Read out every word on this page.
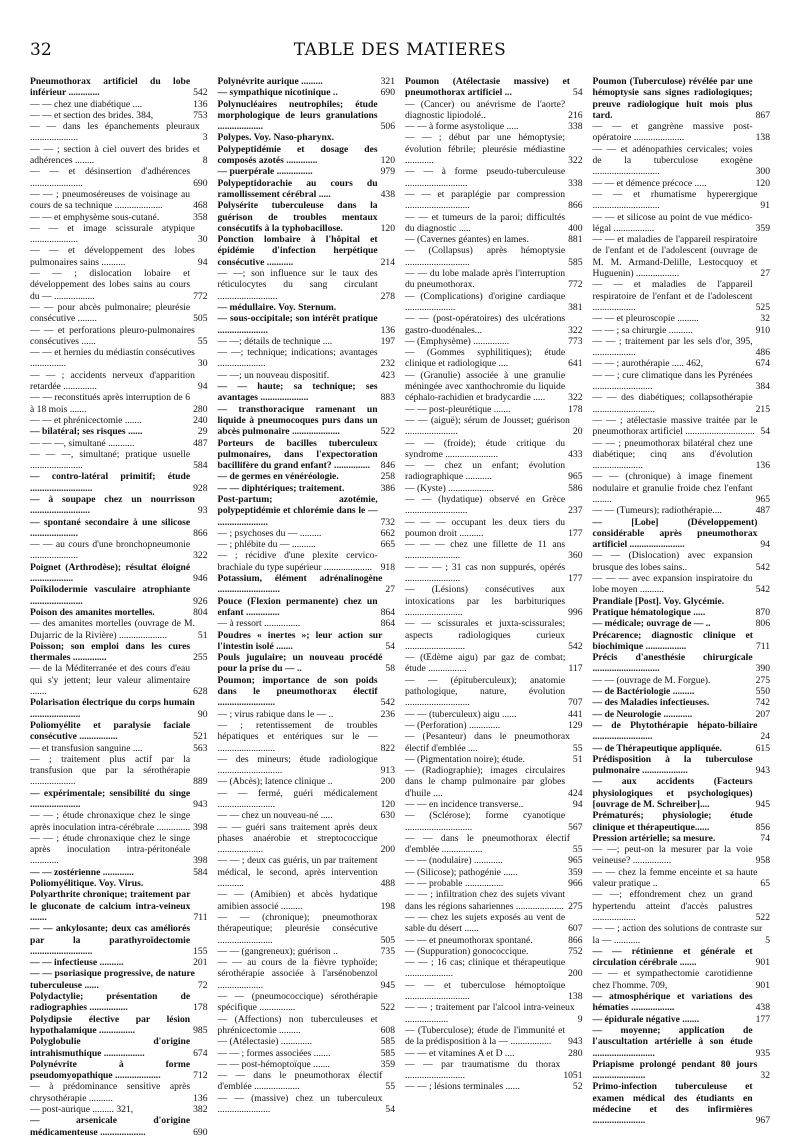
32	TABLE DES MATIERES
Pneumothorax artificiel du lobe inférieur .............	542
— — chez une diabétique ....	136
— — et section des brides. 384,	753
— — dans les épanchements pleuraux ....................	3
— — ; section à ciel ouvert des brides et adhérences ........	8
— — et désinsertion d'adhérences ......................	690
— — ; pneumoséreuses de voisinage au cours de sa technique ....................	468
— — et emphysème sous-cutané.	358
— — et image scissurale atypique ....................	30
— — et développement des lobes pulmonaires sains ..........	94
— — ; dislocation lobaire et développement des lobes sains au cours du — .................	772
— — pour abcès pulmonaire; pleurésie consécutive ........	505
— — et perforations pleuro-pulmonaires consécutives ......	55
— — et hernies du médiastin consécutives ...............	30
— — ; accidents nerveux d'apparition retardée ..............	94
— — reconstitués après interruption de 6 à 18 mois .......	280
— — et phrénicectomie .......	240
— bilatéral; ses risques ......	29
— — —, simultané ...........	487
— — —, simultané; pratique usuelle ......................	584
— contro-latéral primitif; étude ..........................	928
— à soupape chez un nourrisson .........................	93
— spontané secondaire à une silicose ....................	866
— — au cours d'une bronchopneumonie ....................	322
Poignet (Arthrodèse); résultat éloigné ..................	946
Poïkilodermie vasculaire atrophiante ......................	926
Poison des amanites mortelles.	804
— des amanites mortelles (ouvrage de M. Dujarric de la Rivière) ....................	51
Poisson; son emploi dans les cures thermales ..............	255
— de la Méditerranée et des cours d'eau qui s'y jettent; leur valeur alimentaire .......	628
Polarisation électrique du corps humain .....................	90
Poliomyélite et paralysie faciale consécutive ................	521
— et transfusion sanguine ....	563
— ; traitement plus actif par la transfusion que par la sérothérapie ...................	889
— expérimentale; sensibilité du singe .....................	943
— — ; étude chronaxique chez le singe après inoculation intra-cérébrale .............. 398
— — ; étude chronaxique chez le singe après inoculation intra-péritonéale ............	398
— — zostérienne .............	584
Poliomyélitique. Voy. Virus.
Polyarthrite chronique; traitement par le gluconate de calcium intra-veineux .......	711
— — ankylosante; deux cas améliorés par la parathyroïdectomie ..........................	155
— — infectieuse ..........	201
— — psoriasique progressive, de nature tuberculeuse ......	72
Polydactylie; présentation de radiographies ................	178
Polydipsie élective par lésion hypothalamique ...............	985
Polyglobulie d'origine intrahismuthique .................	674
Polynévrite à forme pseudomyopathique ...................	712
— à prédominance sensitive après chrysothérapie ..........	136
— post-aurique ......... 321,	382
— arsenicale d'origine médicamenteuse ...................	690
Polynévrite aurique .........	321
— sympathique nicotinique ..	690
Polynucléaires neutrophiles; étude morphologique de leurs granulations ...................	506
Polypes. Voy. Naso-pharynx.
Polypeptidémie et dosage des composés azotés .............	120
— puerpérale ...............	979
Polypeptidorachie au cours du ramollissement cérébral .....	438
Polysérite tuberculeuse dans la guérison de troubles mentaux consécutifs à la typhobacillose.	120
Ponction lombaire à l'hôpital et épidémie d'infection herpétique consécutive ...........	214
— —; son influence sur le taux des réticulocytes du sang circulant .........................	278
— médullaire. Voy. Sternum.
— sous-occipitale; son intérêt pratique .....................	136
— —; détails de technique ....	197
— —; technique; indications; avantages ....................	232
— —; un nouveau dispositif.	423
— — haute; sa technique; ses avantages ....................	883
— transthoracique ramenant un liquide à pneumocoques purs dans un abcès pulmonaire ....................	522
Porteurs de bacilles tuberculeux pulmonaires, dans l'expectoration bacillifère du grand enfant? ...............	846
— de germes en vénéréologie.	258
— — diphtériques; traitement.	386
Post-partum; azotémie, polypeptidémie et chlorémie dans le — .....................	732
— ; psychoses du — .........	662
— ; phlébite du — ..........	665
— ; récidive d'une plexite cervico-brachiale du type supérieur .................... 918
Potassium, élément adrénalinogène ..........................	27
Pouce (Flexion permanente) chez un enfant ..............	864
— à ressort ...............	864
Poudres « inertes »; leur action sur l'intestin isolé .......	54
Pouls jugulaire; un nouveau procédé pour la prise du — ..	58
Poumon; importance de son poids dans le pneumothorax électif ........................	542
— ; virus rabique dans le — ..	236
— ; retentissement de troubles hépatiques et entériques sur le — ........................	822
— des mineurs; étude radiologique ...........................	913
— (Abcès); latence clinique ..	200
— — fermé, guéri médicalement ........................	120
— — chez un nouveau-né .....	630
— — guéri sans traitement après deux phases anaérobie et streptococcique ...................	200
— — ; deux cas guéris, un par traitement médical, le second, après intervention ...........	488
— — (Amibien) et abcès hydatique amibien associé .........	198
— — (chronique); pneumothorax thérapeutique; pleurésie consécutive .......................	505
— — (gangreneux); guérison ..	735
— — au cours de la fièvre typhoïde; sérothérapie associée à l'arsénobenzol ...................	945
— — (pneumococcique) sérothérapie spécifique ...............	522
— (Affections) non tuberculeuses et phrénicectomie .........	608
— (Atélectasie) .............	585
— — ; formes associées .......	585
— — post-hémoptoïque .......	359
— — dans le pneumothorax électif d'emblée ...................	55
— — (massive) chez un tuberculeux ......................	54
Poumon (Atélectasie massive) et pneumothorax artificiel ...	54
— (Cancer) ou anévrisme de l'aorte? diagnostic lipiodolé..	216
— — à forme asystolique .....	338
— — ; début par une hémoptysie; évolution fébrile; pleurésie médiastine ............	322
— — à forme pseudo-tuberculeuse ..........................	338
— — et paraplégie par compression ...........................	866
— — et tumeurs de la paroi; difficultés du diagnostic .....	400
— (Cavernes géantes) en lames.	881
— (Collapsus) après hémoptysie ...........................	585
— — du lobe malade après l'interruption du pneumothorax.	772
— (Complications) d'origine cardiaque .....................	381
— — (post-opératoires) des ulcérations gastro-duodénales...	322
— (Emphysème) ...............	773
— (Gommes syphilitiques); étude clinique et radiologique ....	641
— (Granulie) associée à une granulie méningée avec xanthochromie du liquide céphalo-rachidien et bradycardie .....	322
— — post-pleurétique .......	178
— — (aiguë); sérum de Jousset; guérison ......................	20
— — (froide); étude critique du syndrome ......................	433
— — chez un enfant; évolution radiographique ...........	965
— (Kyste) ...................	586
— — (hydatique) observé en Grèce ..........................	237
— — — occupant les deux tiers du poumon droit ..........	177
— — — chez une fillette de 11 ans .......................	360
— — — ; 31 cas non suppurés, opérés .......................	177
— (Lésions) consécutives aux intoxications par les barbituriques ........................	996
— — scissurales et juxta-scissurales; aspects radiologiques curieux .........................	542
— (Œdème aigu) par gaz de combat; étude ................	117
— — (épituberculeux); anatomie pathologique, nature, évolution ...........................	707
— — (tuberculeux) aigu ......	441
— (Perforation) .............	129
— (Pesanteur) dans le pneumothorax électif d'emblée ....	55
— (Pigmentation noire); étude.	51
— (Radiographie); images circulaires dans le champ pulmonaire par globes d'huile ....	424
— — en incidence transverse..	94
— (Sclérose); forme cyanotique ............................	567
— — dans le pneumothorax électif d'emblée .................	55
— — (nodulaire) ............	965
— (Silicose); pathogénie ......	359
— — probable ................	966
— — ; infiltration chez des sujets vivant dans les régions sahariennes .................... 275
— — chez les sujets exposés au vent de sable du désert ......	607
— — et pneumothorax spontané.	866
— (Suppuration) gonococcique.	752
— — ; 16 cas; clinique et thérapeutique ....................	200
— — et tuberculose hémoptoïque ...........................	138
— — ; traitement par l'alcool intra-veineux ..................	9
— (Tuberculose); étude de l'immunité et de la prédisposition à la — .................	943
— — et vitamines A et D ....	280
— — par traumatisme du thorax .........................	1051
— — ; lésions terminales ......	52
Poumon (Tuberculose) révélée par une hémoptysie sans signes radiologiques; preuve radiologique huit mois plus tard.	867
— — et gangrène massive post-opératoire .....................	138
— — et adénopathies cervicales; voies de la tuberculose exogène ............................	300
— — et démence précoce .....	120
— — et rhumatisme hyperergique ............................	91
— — et silicose au point de vue médico-légal .................	359
— — et maladies de l'appareil respiratoire de l'enfant et de l'adolescent (ouvrage de M. M. Armand-Delille, Lestocquoy et Huguenin) ..................	27
— — et maladies de l'appareil respiratoire de l'enfant et de l'adolescent ..................	525
— — et pleuroscopie .........	32
— — ; sa chirurgie ..........	910
— — ; traitement par les sels d'or, 395, ..................	486
— — ; aurothérapie ..... 462,	674
— — ; cure climatique dans les Pyrénées .........................	384
— — des diabétiques; collapsothérapie ..........................	215
— — ; atélectasie massive traitée par le pneumothorax artificiel ............................. 54
— — ; pneumothorax bilatéral chez une diabétique; cinq ans d'évolution .....................	136
— — (chronique) à image finement nodulaire et granulie froide chez l'enfant ........	965
— — (Tumeurs); radiothérapie....	487
— [Lobe] (Développement) considérable après pneumothorax artificiel .......................	94
— — (Dislocation) avec expansion brusque des lobes sains..	542
— — — avec expansion inspiratoire du lobe moyen ..........	542
Prandiale [Post]. Voy. Glycémie.
Pratique hématologique .....	870
— médicale; ouvrage de — ..	806
Précarence; diagnostic clinique et biochimique .................	711
Précis d'anesthésie chirurgicale ............................	390
— — (ouvrage de M. Forgue).	275
— de Bactériologie .........	550
— des Maladies infectieuses.	742
— de Neurologie ............	207
— de Phytothérapie hépato-biliaire .........................	24
— de Thérapeutique appliquée.	615
Prédisposition à la tuberculose pulmonaire ...................	943
— aux accidents (Facteurs physiologiques et psychologiques) [ouvrage de M. Schreiber]....	945
Prématurés; physiologie; étude clinique et thérapeutique......	856
Pression artérielle; sa mesure.	74
— —; peut-on la mesurer par la voie veineuse? ................	958
— — chez la femme enceinte et sa haute valeur pratique ..	65
— —; effondrement chez un grand hypertendu atteint d'accès palustres ..................	522
— — ; action des solutions de contraste sur la — ...........	5
— — rétinienne et générale et circulation cérébrale .......	901
— — et sympathectomie carotidienne chez l'homme. 709,	901
— atmosphérique et variations des hématies ..................	438
— épidurale négative .......	177
— moyenne; application de l'auscultation artérielle à son étude ..........................	935
Priapisme prolongé pendant 80 jours ......................	32
Primo-infection tuberculeuse et examen médical des étudiants en médecine et des infirmières ......................	967
